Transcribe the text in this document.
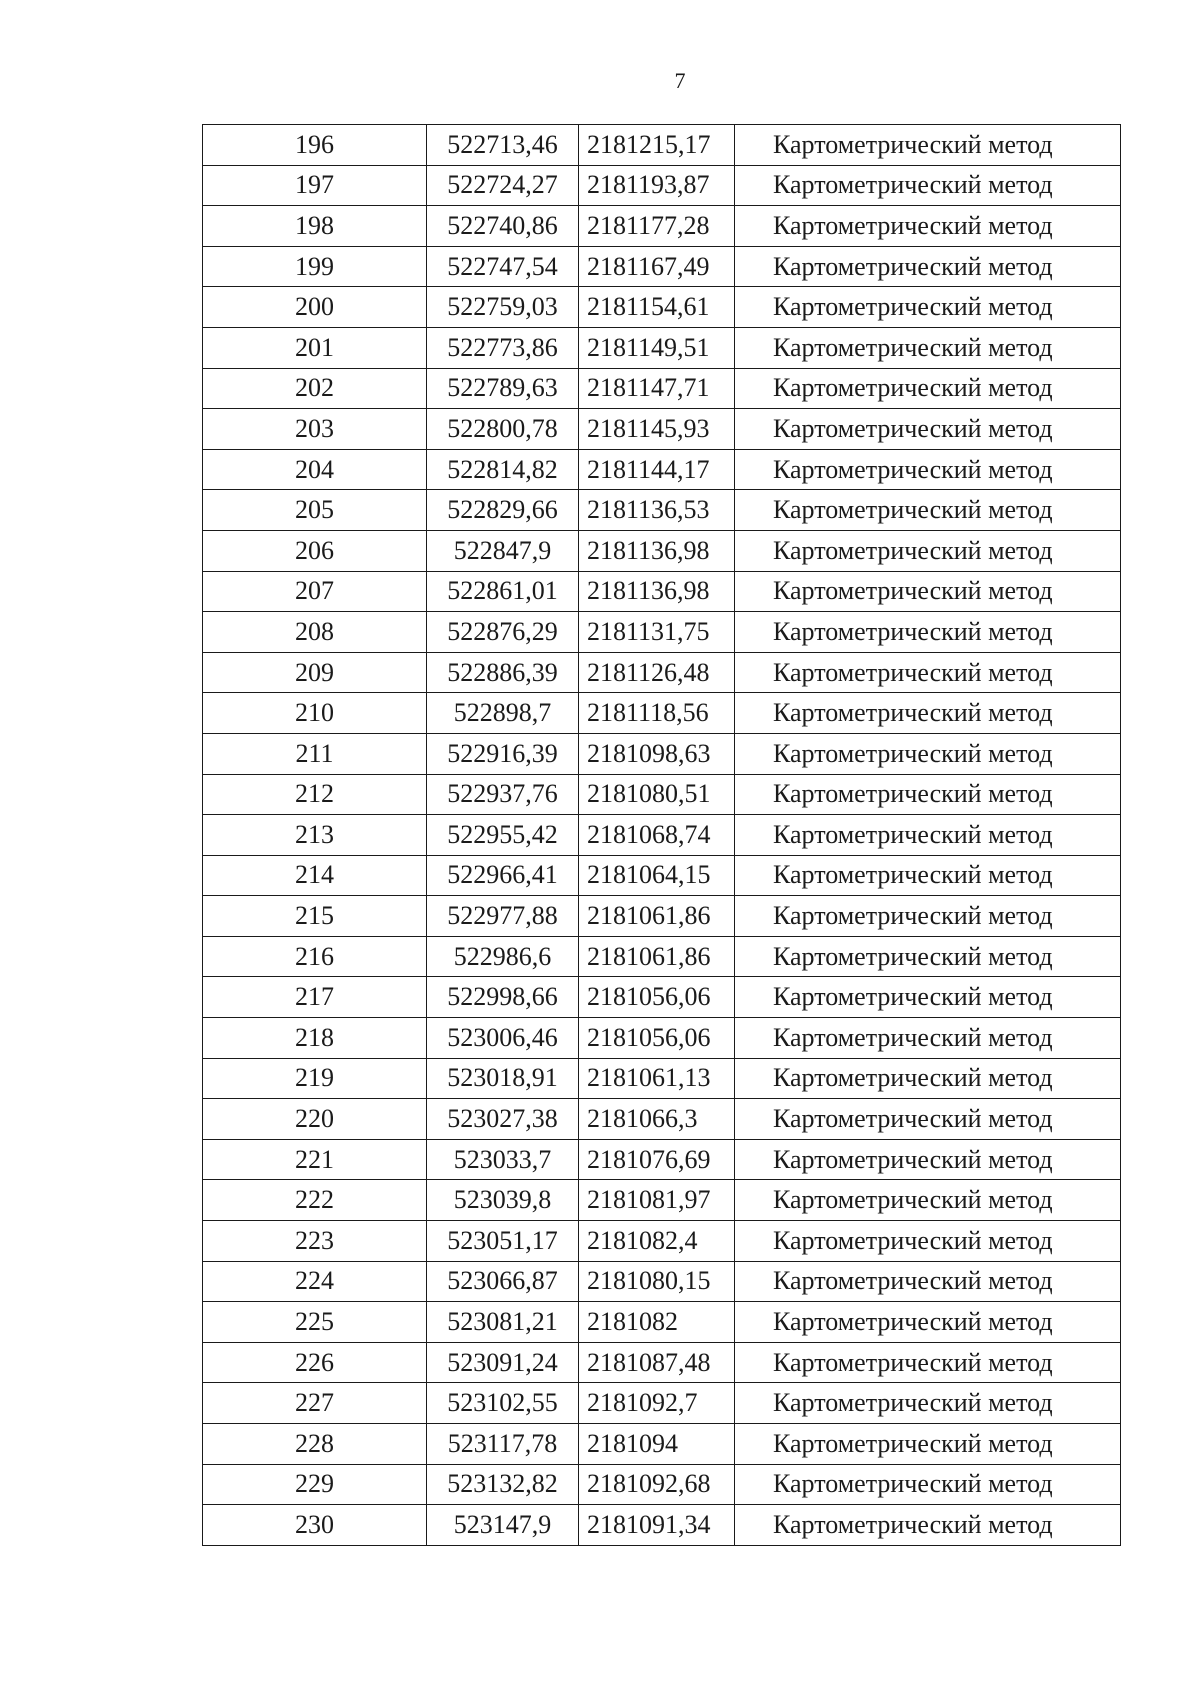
7
196	522713,46	2181215,17	Картометрический метод
197	522724,27	2181193,87	Картометрический метод
198	522740,86	2181177,28	Картометрический метод
199	522747,54	2181167,49	Картометрический метод
200	522759,03	2181154,61	Картометрический метод
201	522773,86	2181149,51	Картометрический метод
202	522789,63	2181147,71	Картометрический метод
203	522800,78	2181145,93	Картометрический метод
204	522814,82	2181144,17	Картометрический метод
205	522829,66	2181136,53	Картометрический метод
206	522847,9	2181136,98	Картометрический метод
207	522861,01	2181136,98	Картометрический метод
208	522876,29	2181131,75	Картометрический метод
209	522886,39	2181126,48	Картометрический метод
210	522898,7	2181118,56	Картометрический метод
211	522916,39	2181098,63	Картометрический метод
212	522937,76	2181080,51	Картометрический метод
213	522955,42	2181068,74	Картометрический метод
214	522966,41	2181064,15	Картометрический метод
215	522977,88	2181061,86	Картометрический метод
216	522986,6	2181061,86	Картометрический метод
217	522998,66	2181056,06	Картометрический метод
218	523006,46	2181056,06	Картометрический метод
219	523018,91	2181061,13	Картометрический метод
220	523027,38	2181066,3	Картометрический метод
221	523033,7	2181076,69	Картометрический метод
222	523039,8	2181081,97	Картометрический метод
223	523051,17	2181082,4	Картометрический метод
224	523066,87	2181080,15	Картометрический метод
225	523081,21	2181082	Картометрический метод
226	523091,24	2181087,48	Картометрический метод
227	523102,55	2181092,7	Картометрический метод
228	523117,78	2181094	Картометрический метод
229	523132,82	2181092,68	Картометрический метод
230	523147,9	2181091,34	Картометрический метод
